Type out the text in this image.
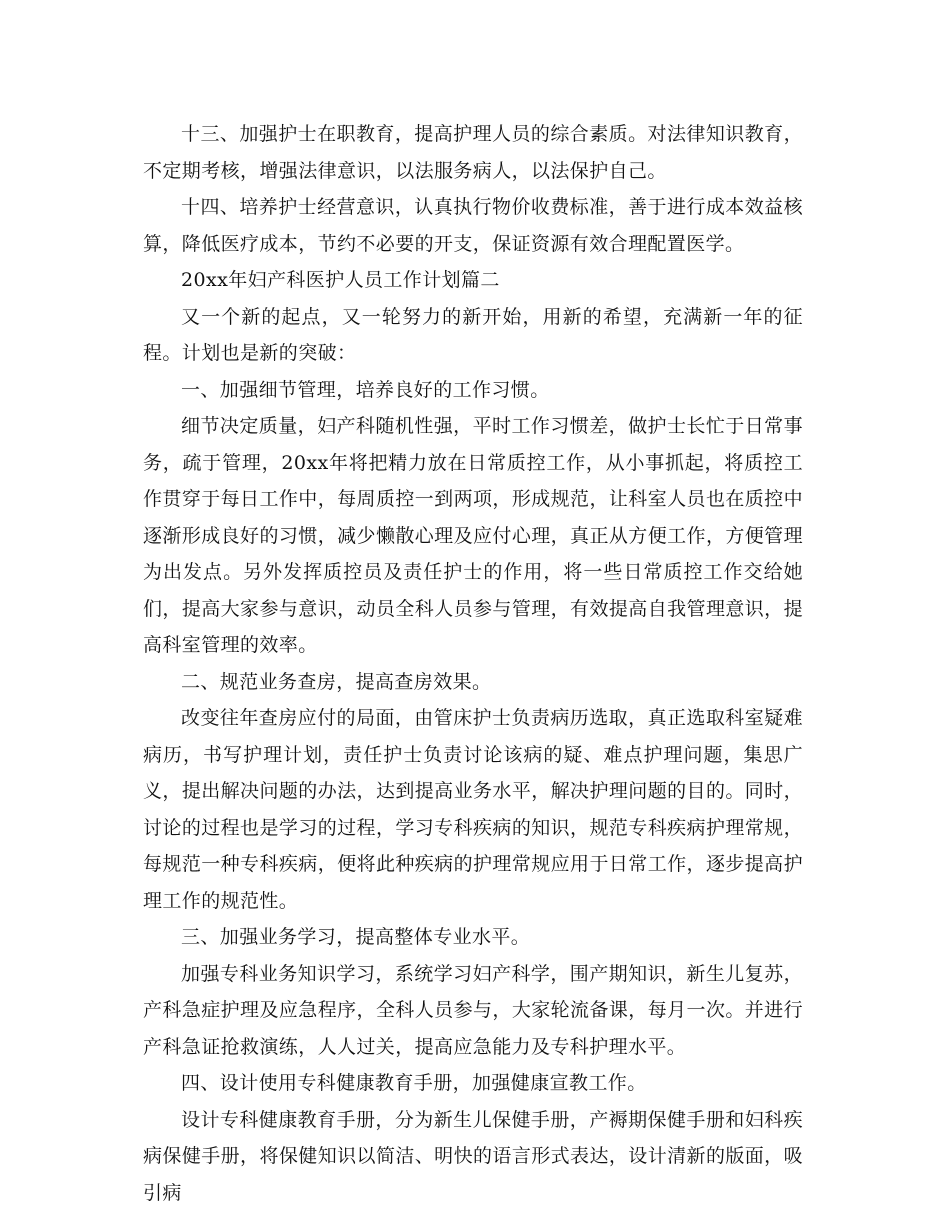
十三、加强护士在职教育，提高护理人员的综合素质。对法律知识教育，不定期考核，增强法律意识，以法服务病人，以法保护自己。

十四、培养护士经营意识，认真执行物价收费标准，善于进行成本效益核算，降低医疗成本，节约不必要的开支，保证资源有效合理配置医学。

20xx年妇产科医护人员工作计划篇二

又一个新的起点，又一轮努力的新开始，用新的希望，充满新一年的征程。计划也是新的突破：

一、加强细节管理，培养良好的工作习惯。

细节决定质量，妇产科随机性强，平时工作习惯差，做护士长忙于日常事务，疏于管理，20xx年将把精力放在日常质控工作，从小事抓起，将质控工作贯穿于每日工作中，每周质控一到两项，形成规范，让科室人员也在质控中逐渐形成良好的习惯，减少懒散心理及应付心理，真正从方便工作，方便管理为出发点。另外发挥质控员及责任护士的作用，将一些日常质控工作交给她们，提高大家参与意识，动员全科人员参与管理，有效提高自我管理意识，提高科室管理的效率。

二、规范业务查房，提高查房效果。

改变往年查房应付的局面，由管床护士负责病历选取，真正选取科室疑难病历，书写护理计划，责任护士负责讨论该病的疑、难点护理问题，集思广义，提出解决问题的办法，达到提高业务水平，解决护理问题的目的。同时，讨论的过程也是学习的过程，学习专科疾病的知识，规范专科疾病护理常规，每规范一种专科疾病，便将此种疾病的护理常规应用于日常工作，逐步提高护理工作的规范性。

三、加强业务学习，提高整体专业水平。

加强专科业务知识学习，系统学习妇产科学，围产期知识，新生儿复苏，产科急症护理及应急程序，全科人员参与，大家轮流备课，每月一次。并进行产科急证抢救演练，人人过关，提高应急能力及专科护理水平。

四、设计使用专科健康教育手册，加强健康宣教工作。

设计专科健康教育手册，分为新生儿保健手册，产褥期保健手册和妇科疾病保健手册，将保健知识以简洁、明快的语言形式表达，设计清新的版面，吸引病
